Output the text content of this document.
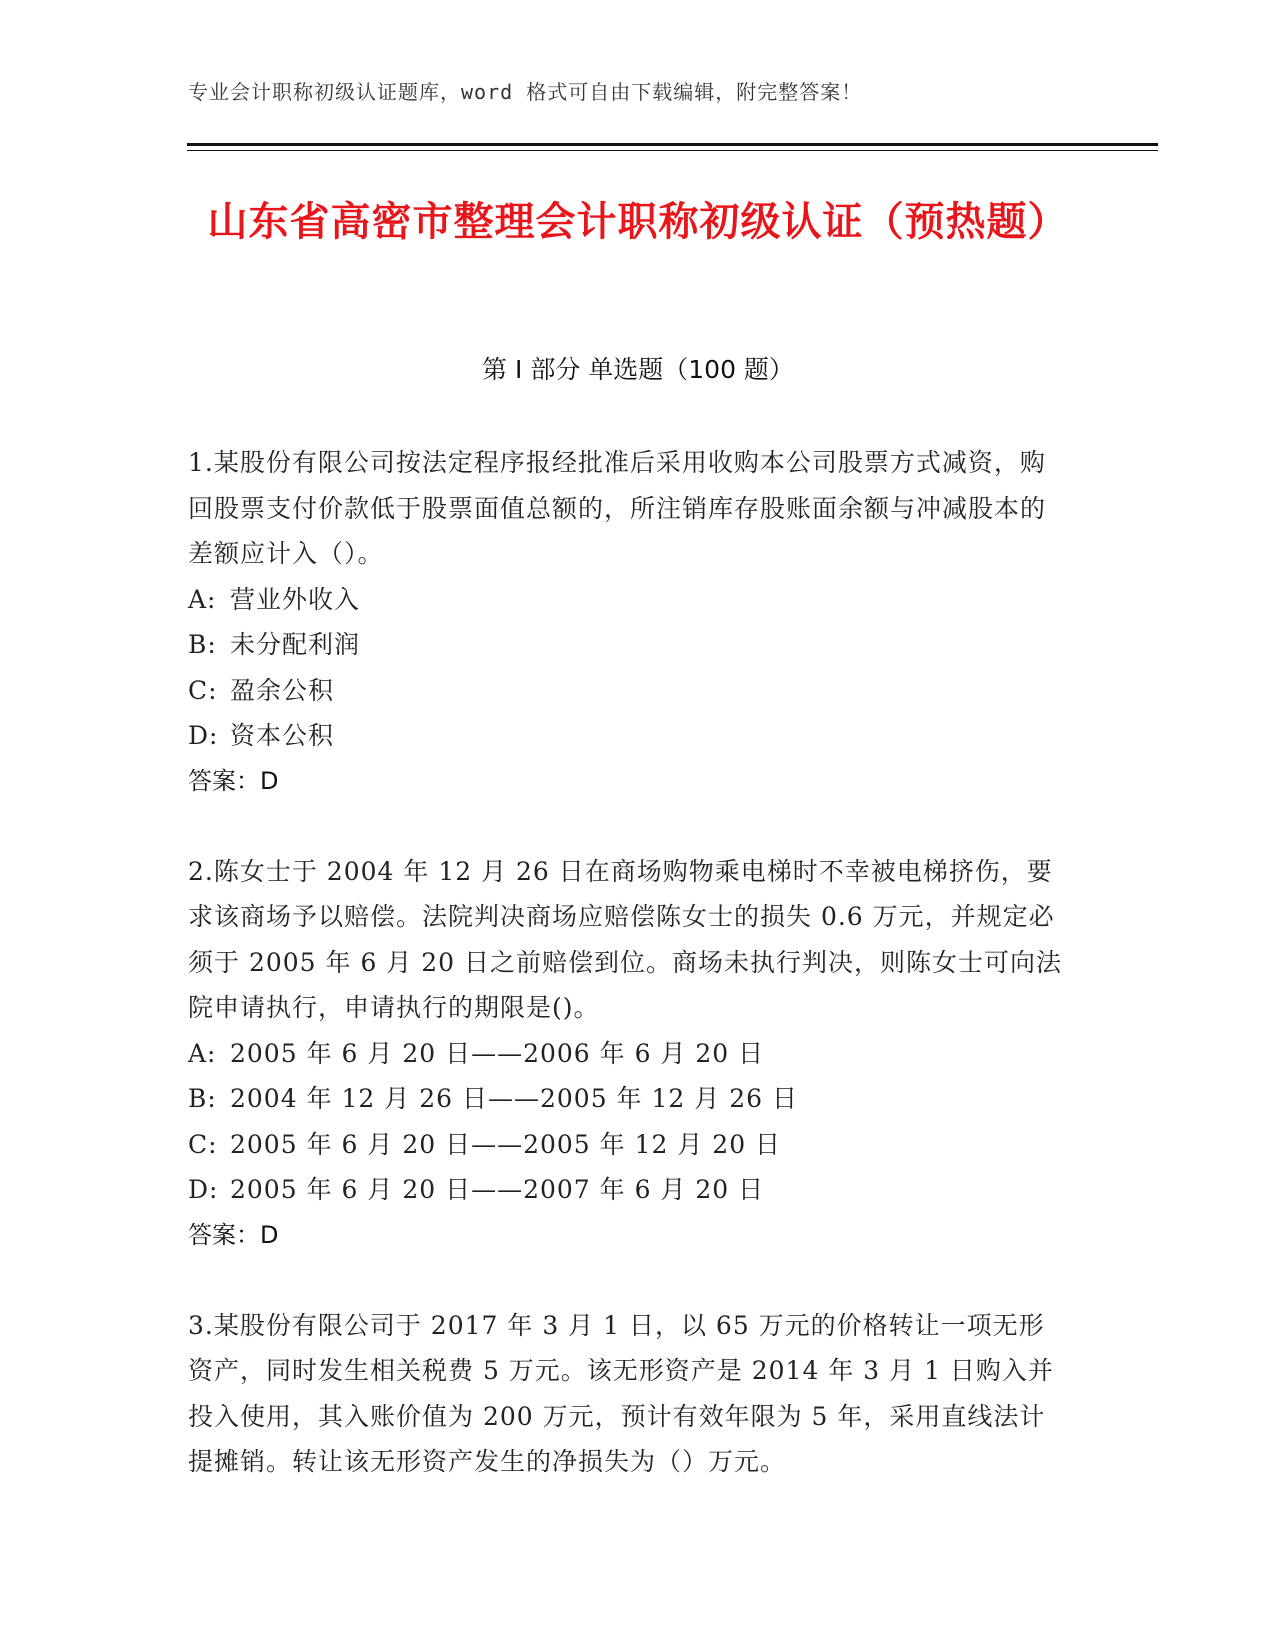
专业会计职称初级认证题库，word 格式可自由下载编辑，附完整答案！
山东省高密市整理会计职称初级认证（预热题）
第 I 部分 单选题（100 题）
1.某股份有限公司按法定程序报经批准后采用收购本公司股票方式减资，购回股票支付价款低于股票面值总额的，所注销库存股账面余额与冲减股本的差额应计入（）。
A: 营业外收入
B: 未分配利润
C: 盈余公积
D: 资本公积
答案：D
2.陈女士于 2004 年 12 月 26 日在商场购物乘电梯时不幸被电梯挤伤，要求该商场予以赔偿。法院判决商场应赔偿陈女士的损失 0.6 万元，并规定必须于 2005 年 6 月 20 日之前赔偿到位。商场未执行判决，则陈女士可向法院申请执行，申请执行的期限是()。
A: 2005 年 6 月 20 日——2006 年 6 月 20 日
B: 2004 年 12 月 26 日——2005 年 12 月 26 日
C: 2005 年 6 月 20 日——2005 年 12 月 20 日
D: 2005 年 6 月 20 日——2007 年 6 月 20 日
答案：D
3.某股份有限公司于 2017 年 3 月 1 日，以 65 万元的价格转让一项无形资产，同时发生相关税费 5 万元。该无形资产是 2014 年 3 月 1 日购入并投入使用，其入账价值为 200 万元，预计有效年限为 5 年，采用直线法计提摊销。转让该无形资产发生的净损失为（）万元。
